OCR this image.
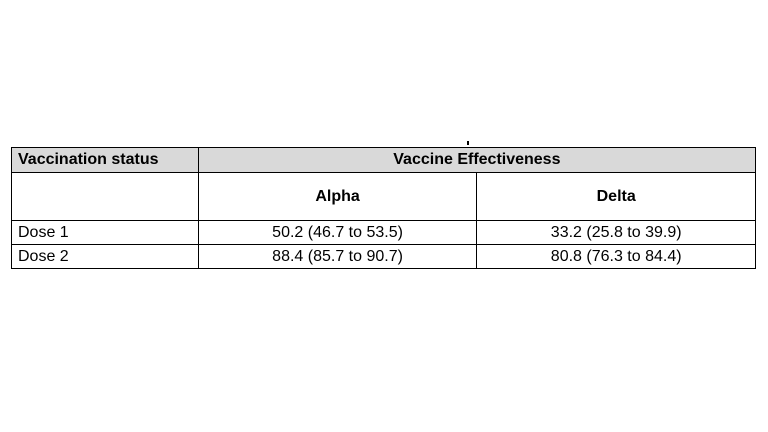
Vaccination status	Vaccine Effectiveness	
	Alpha	Delta
Dose 1	50.2 (46.7 to 53.5)	33.2 (25.8 to 39.9)
Dose 2	88.4 (85.7 to 90.7)	80.8 (76.3 to 84.4)
